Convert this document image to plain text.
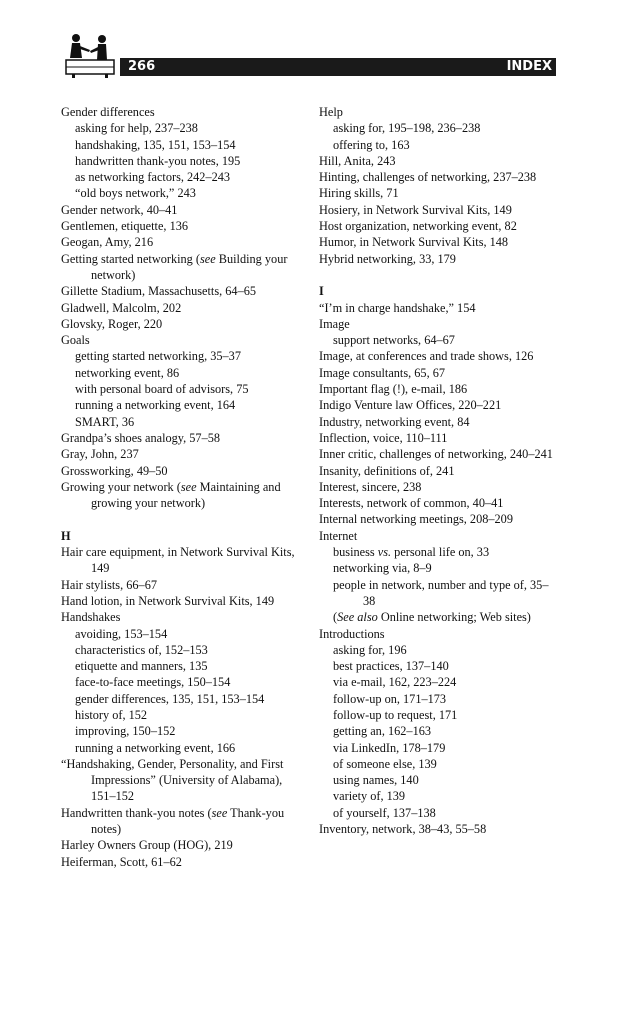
266	INDEX

Gender differences

asking for help, 237–238

handshaking, 135, 151, 153–154

handwritten thank-you notes, 195

as networking factors, 242–243

“old boys network,” 243

Gender network, 40–41

Gentlemen, etiquette, 136

Geogan, Amy, 216

Getting started networking (see Building your network)

Gillette Stadium, Massachusetts, 64–65

Gladwell, Malcolm, 202

Glovsky, Roger, 220

Goals

getting started networking, 35–37

networking event, 86

with personal board of advisors, 75

running a networking event, 164

SMART, 36

Grandpa’s shoes analogy, 57–58

Gray, John, 237

Grossworking, 49–50

Growing your network (see Maintaining and growing your network)

H

Hair care equipment, in Network Survival Kits, 149

Hair stylists, 66–67

Hand lotion, in Network Survival Kits, 149

Handshakes

avoiding, 153–154

characteristics of, 152–153

etiquette and manners, 135

face-to-face meetings, 150–154

gender differences, 135, 151, 153–154

history of, 152

improving, 150–152

running a networking event, 166

“Handshaking, Gender, Personality, and First Impressions” (University of Alabama), 151–152

Handwritten thank-you notes (see Thank-you notes)

Harley Owners Group (HOG), 219

Heiferman, Scott, 61–62

Help

asking for, 195–198, 236–238

offering to, 163

Hill, Anita, 243

Hinting, challenges of networking, 237–238

Hiring skills, 71

Hosiery, in Network Survival Kits, 149

Host organization, networking event, 82

Humor, in Network Survival Kits, 148

Hybrid networking, 33, 179

I

“I’m in charge handshake,” 154

Image

support networks, 64–67

Image, at conferences and trade shows, 126

Image consultants, 65, 67

Important flag (!), e-mail, 186

Indigo Venture law Offices, 220–221

Industry, networking event, 84

Inflection, voice, 110–111

Inner critic, challenges of networking, 240–241

Insanity, definitions of, 241

Interest, sincere, 238

Interests, network of common, 40–41

Internal networking meetings, 208–209

Internet

business vs. personal life on, 33

networking via, 8–9

people in network, number and type of, 35–38

(See also Online networking; Web sites)

Introductions

asking for, 196

best practices, 137–140

via e-mail, 162, 223–224

follow-up on, 171–173

follow-up to request, 171

getting an, 162–163

via LinkedIn, 178–179

of someone else, 139

using names, 140

variety of, 139

of yourself, 137–138

Inventory, network, 38–43, 55–58
